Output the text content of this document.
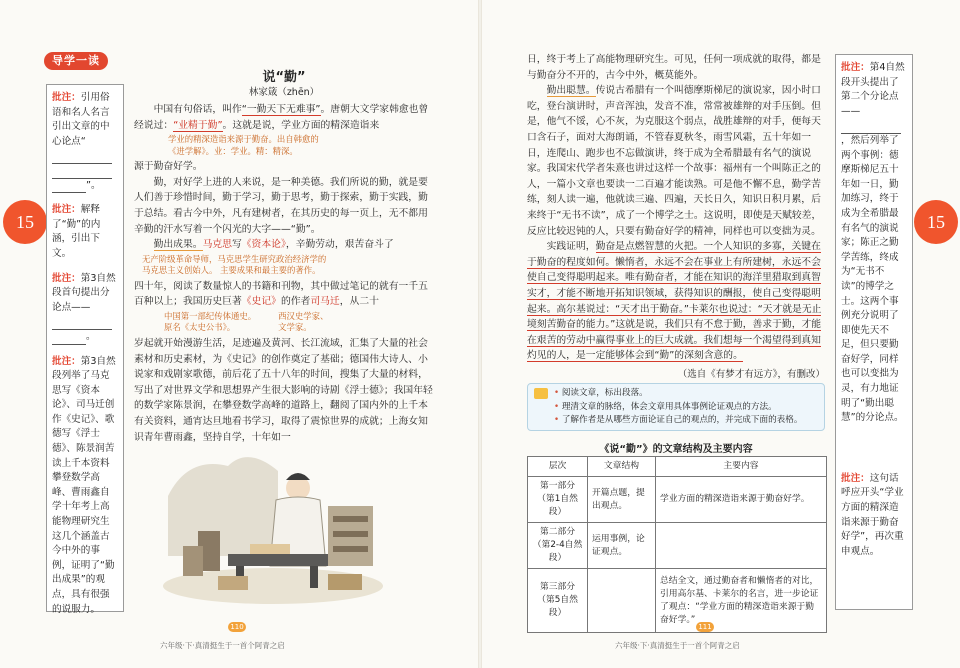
导学一读
15	15
批注：引用俗语和名人名言引出文章的中心论点“

”。
批注：解释了“勤”的内涵，引出下文。
批注：第3自然段首句提出分论点——

。
批注：第3自然段列举了马克思写《资本论》、司马迁创作《史记》、歌德写《浮士德》、陈景润苦读上千本资料攀登数学高峰、曹雨鑫自学十年考上高能物理研究生这几个涵盖古今中外的事例，证明了“勤出成果”的观点，具有很强的说服力。
说“勤”
林家箴（zhēn）
中国有句俗话，叫作“一勤天下无难事”。唐朝大文学家韩愈也曾经说过：“业精于勤”。这就是说，学业方面的精深造诣来
学业的精深造诣来源于勤奋。出自韩愈的
《进学解》。业：学业。精：精深。
源于勤奋好学。
勤，对好学上进的人来说，是一种美德。我们所说的勤，就是要人们善于珍惜时间，勤于学习，勤于思考，勤于探索，勤于实践，勤于总结。看古今中外，凡有建树者，在其历史的每一页上，无不都用辛勤的汗水写着一个闪光的大字——“勤”。
勤出成果。马克思写《资本论》，辛勤劳动，艰苦奋斗了
无产阶级革命导师，马克思学生研究政治经济学的
马克思主义创始人。 主要成果和最主要的著作。
四十年，阅读了数量惊人的书籍和刊物，其中做过笔记的就有一千五百种以上；我国历史巨著《史记》的作者司马迁，从二十
中国第一部纪传体通史。
原名《太史公书》。
西汉史学家、
文学家。
岁起就开始漫游生活，足迹遍及黄河、长江流域，汇集了大量的社会素材和历史素材，为《史记》的创作奠定了基础；德国伟大诗人、小说家和戏剧家歌德，前后花了五十八年的时间，搜集了大量的材料，写出了对世界文学和思想界产生很大影响的诗剧《浮士德》；我国年轻的数学家陈景润，在攀登数学高峰的道路上，翻阅了国内外的上千本有关资料，通宵达旦地看书学习，取得了震惊世界的成就；上海女知识青年曹雨鑫，坚持自学，十年如一
110
六年级·下·真清挺生于一首个阿青之启
日，终于考上了高能物理研究生。可见，任何一项成就的取得，都是与勤奋分不开的，古今中外，概莫能外。
勤出聪慧。传说古希腊有一个叫德摩斯梯尼的演说家，因小时口吃，登台演讲时，声音浑浊，发音不准，常常被雄辩的对手压倒。但是，他气不馁，心不灰，为克服这个弱点，战胜雄辩的对手，便每天口含石子，面对大海朗诵，不管春夏秋冬，雨雪风霜，五十年如一日，连爬山、跑步也不忘做演讲，终于成为全希腊最有名气的演说家。我国宋代学者朱熹也讲过这样一个故事：福州有一个叫陈正之的人，一篇小文章也要读一二百遍才能读熟。可是他不懈不息，勤学苦练，刻人读一遍，他就读三遍、四遍，天长日久，知识日积月累，后来终于“无书不读”，成了一个博学之士。这说明，即使是天赋较差，反应比较迟钝的人，只要有勤奋好学的精神，同样也可以变拙为灵。
实践证明，勤奋是点燃智慧的火把。一个人知识的多寡，关键在于勤奋的程度如何。懒惰者，永远不会在事业上有所建树，永远不会使自己变得聪明起来。唯有勤奋者，才能在知识的海洋里猎取到真智实才，才能不断地开拓知识领域，获得知识的酬报，使自己变得聪明起来。高尔基说过：“天才出于勤奋。”卡莱尔也说过：“天才就是无止境刻苦勤奋的能力。”这就是说，我们只有不怠于勤，善求于勤，才能在艰苦的劳动中赢得事业上的巨大成就。我们想每一个渴望得到真知灼见的人，是一定能够体会到“勤”的深刻含意的。
（选自《有梦才有远方》，有删改）
批注：第4自然段开头提出了第二个分论点——
，然后列举了两个事例：德摩斯梯尼五十年如一日，勤加练习，终于成为全希腊最有名气的演说家；陈正之勤学苦练，终成为“无书不读”的博学之士。这两个事例充分说明了即使先天不足，但只要勤奋好学，同样也可以变拙为灵，有力地证明了“勤出聪慧”的分论点。
批注：这句话呼应开头“学业方面的精深造诣来源于勤奋好学”，再次重申观点。
• 阅读文章，标出段落。
• 理清文章的脉络，体会文章用具体事例论证观点的方法。
• 了解作者是从哪些方面论证自己的观点的，并完成下面的表格。
《说“勤”》的文章结构及主要内容
层次	文章结构	主要内容
第一部分
（第1自然段）	开篇点题，提出观点。	学业方面的精深造诣来源于勤奋好学。
第二部分
（第2-4自然段）	运用事例，论证观点。	
第三部分
（第5自然段）		总结全文，通过勤奋者和懒惰者的对比，引用高尔基、卡莱尔的名言，进一步论证了观点：“学业方面的精深造诣来源于勤奋好学。”
111
六年级·下·真清挺生于一首个阿青之启
